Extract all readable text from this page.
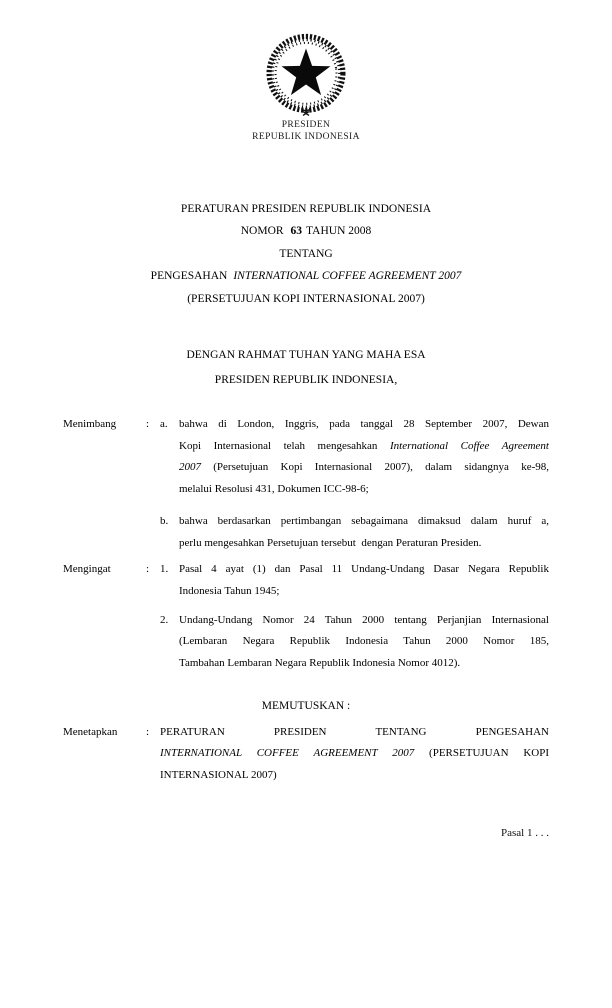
PRESIDEN
REPUBLIK INDONESIA
PERATURAN PRESIDEN REPUBLIK INDONESIA
NOMOR 63 TAHUN 2008
TENTANG
PENGESAHAN INTERNATIONAL COFFEE AGREEMENT 2007
(PERSETUJUAN KOPI INTERNASIONAL 2007)
DENGAN RAHMAT TUHAN YANG MAHA ESA
PRESIDEN REPUBLIK INDONESIA,
Menimbang	: a.	bahwa di London, Inggris, pada tanggal 28 September 2007, Dewan
Kopi Internasional telah mengesahkan International Coffee Agreement
2007 (Persetujuan Kopi Internasional 2007), dalam sidangnya ke-98,
melalui Resolusi 431, Dokumen ICC-98-6;
b. bahwa berdasarkan pertimbangan sebagaimana dimaksud dalam huruf a,
perlu mengesahkan Persetujuan tersebut  dengan Peraturan Presiden.
Mengingat	: 1. Pasal 4 ayat (1) dan Pasal 11 Undang-Undang Dasar Negara Republik
Indonesia Tahun 1945;
2. Undang-Undang Nomor 24 Tahun 2000 tentang Perjanjian Internasional
(Lembaran Negara Republik Indonesia Tahun 2000 Nomor 185,
Tambahan Lembaran Negara Republik Indonesia Nomor 4012).
MEMUTUSKAN :
Menetapkan	: PERATURAN PRESIDEN TENTANG PENGESAHAN
INTERNATIONAL COFFEE AGREEMENT 2007 (PERSETUJUAN KOPI
INTERNASIONAL 2007)
Pasal 1 . . .
